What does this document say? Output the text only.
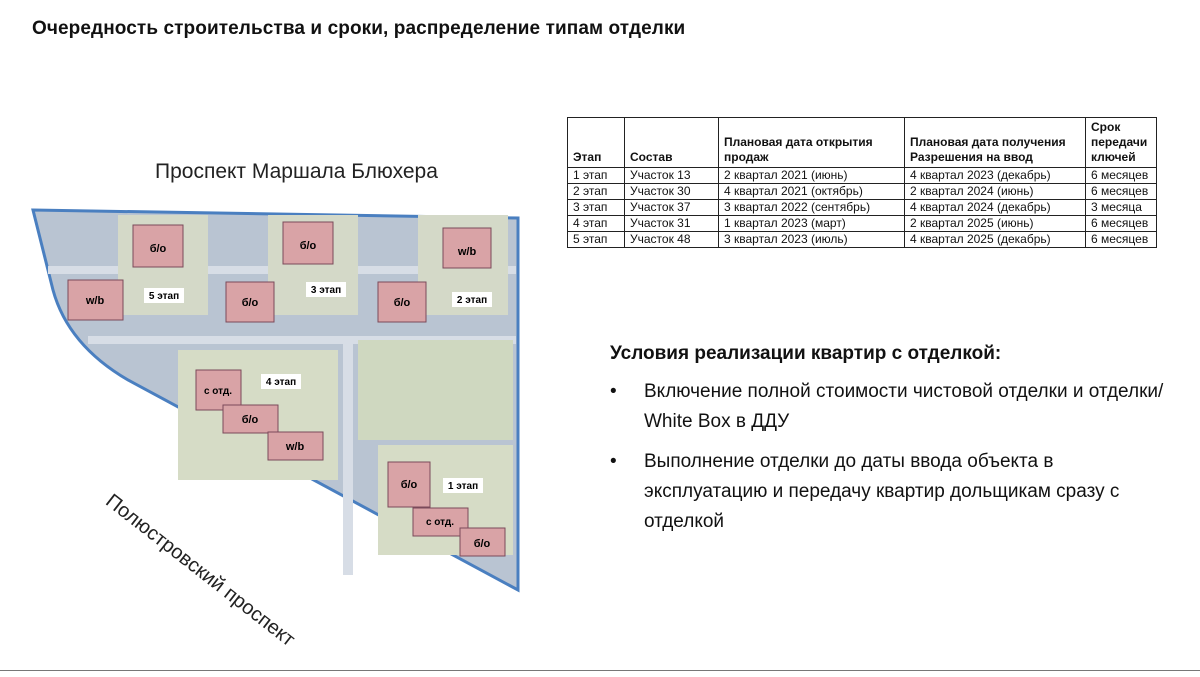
Очередность строительства и сроки, распределение типам отделки
Проспект Маршала Блюхера
б/о	б/о	w/b
w/b	б/о	б/о
с отд.
б/о
w/b
б/о
с отд.
б/о
5 этап
3 этап
2 этап
4 этап
1 этап
Полюстровский проспект
Этап	Состав	Плановая дата открытия продаж	Плановая дата получения Разрешения на ввод	Срок передачи ключей
1 этап	Участок 13	2 квартал 2021 (июнь)	4 квартал 2023 (декабрь)	6 месяцев
2 этап	Участок 30	4 квартал 2021 (октябрь)	2 квартал 2024 (июнь)	6 месяцев
3 этап	Участок 37	3 квартал 2022 (сентябрь)	4 квартал 2024 (декабрь)	3 месяца
4 этап	Участок 31	1 квартал 2023 (март)	2 квартал 2025 (июнь)	6 месяцев
5 этап	Участок 48	3 квартал 2023 (июль)	4 квартал 2025 (декабрь)	6 месяцев
Условия реализации квартир с отделкой:
• Включение полной стоимости чистовой отделки и отделки/ White Box в ДДУ
• Выполнение отделки до даты ввода объекта в эксплуатацию и передачу квартир дольщикам сразу с отделкой
